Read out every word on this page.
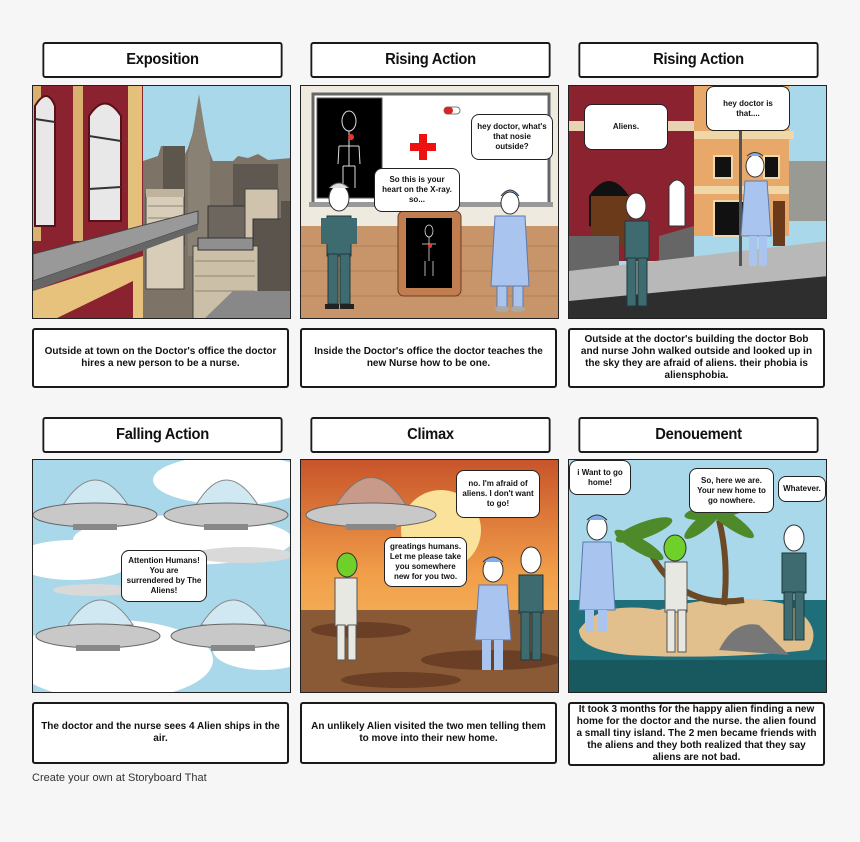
Exposition
Outside at town on the Doctor's office the doctor hires a new person to be a nurse.
Rising Action
So this is your heart on the X-ray. so...
hey doctor, what's that nosie outside?
Inside the Doctor's office the doctor teaches the new Nurse how to be one.
Rising Action
Aliens.
hey doctor is that....
Outside at the doctor's building the doctor Bob and nurse John walked outside and looked up in the sky they are afraid of aliens. their phobia is aliensphobia.
Falling Action
Attention Humans! You are surrendered by The Aliens!
The doctor and the nurse sees 4 Alien ships in the air.
Climax
no. I'm afraid of aliens. I don't want to go!
greatings humans. Let me please take you somewhere new for you two.
An unlikely Alien visited the two men telling them to move into their new home.
Denouement
i Want to go home!	So, here we are. Your new home to go nowhere.
Whatever.
It took 3 months for the happy alien finding a new home for the doctor and the nurse. the alien found a small tiny island. The 2 men became friends with the aliens and they both realized that they say aliens are not bad.
Create your own at Storyboard That
